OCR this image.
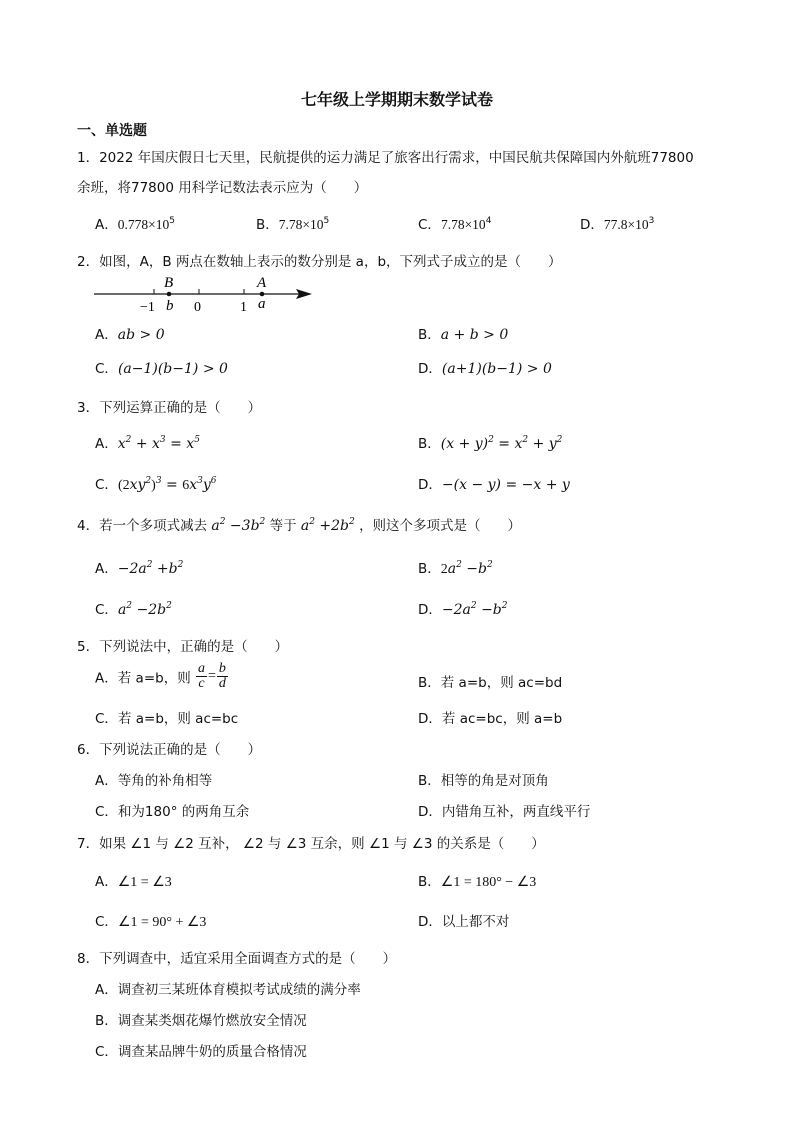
七年级上学期期末数学试卷
一、单选题
1．2022 年国庆假日七天里，民航提供的运力满足了旅客出行需求，中国民航共保障国内外航班77800
余班，将77800 用科学记数法表示应为（　　）
A．$0.778\times 10^5$	B．$7.78\times 10^5$	C．$7.78\times 10^4$	D．$77.8\times 10^3$
2．如图，A，B 两点在数轴上表示的数分别是 a，b，下列式子成立的是（　　）
B
b
A
a
−1	0	1
A．ab > 0	B．a + b > 0
C．(a−1)(b−1) > 0	D．(a+1)(b−1) > 0
3．下列运算正确的是（　　）
A．$x^2 + x^3 = x^5$	B．$(x + y)^2 = x^2 + y^2$
C．$(2xy^2)^3 = 6x^3y^6$	D．−(x − y) = −x + y
4．若一个多项式减去 $a^2 -3b^2$ 等于 $a^2 +2b^2$ ，则这个多项式是（　　）
A．$-2a^2 +b^2$	B．$2a^2 -b^2$
C．$a^2 -2b^2$	D．$-2a^2 -b^2$
5．下列说法中，正确的是（　　）
A．若 a=b，则 $\frac{a}{c} = \frac{b}{d}$	B．若 a=b，则 ac=bd
C．若 a=b，则 ac=bc	D．若 ac=bc，则 a=b
6．下列说法正确的是（　　）
A．等角的补角相等	B．相等的角是对顶角
C．和为180° 的两角互余	D．内错角互补，两直线平行
7．如果 ∠1 与 ∠2 互补， ∠2 与 ∠3 互余，则 ∠1 与 ∠3 的关系是（　　）
A．∠1 = ∠3	B．∠1 = 180° − ∠3
C．∠1 = 90° + ∠3	D．以上都不对
8．下列调查中，适宜采用全面调查方式的是（　　）
A．调查初三某班体育模拟考试成绩的满分率
B．调查某类烟花爆竹燃放安全情况
C．调查某品牌牛奶的质量合格情况
